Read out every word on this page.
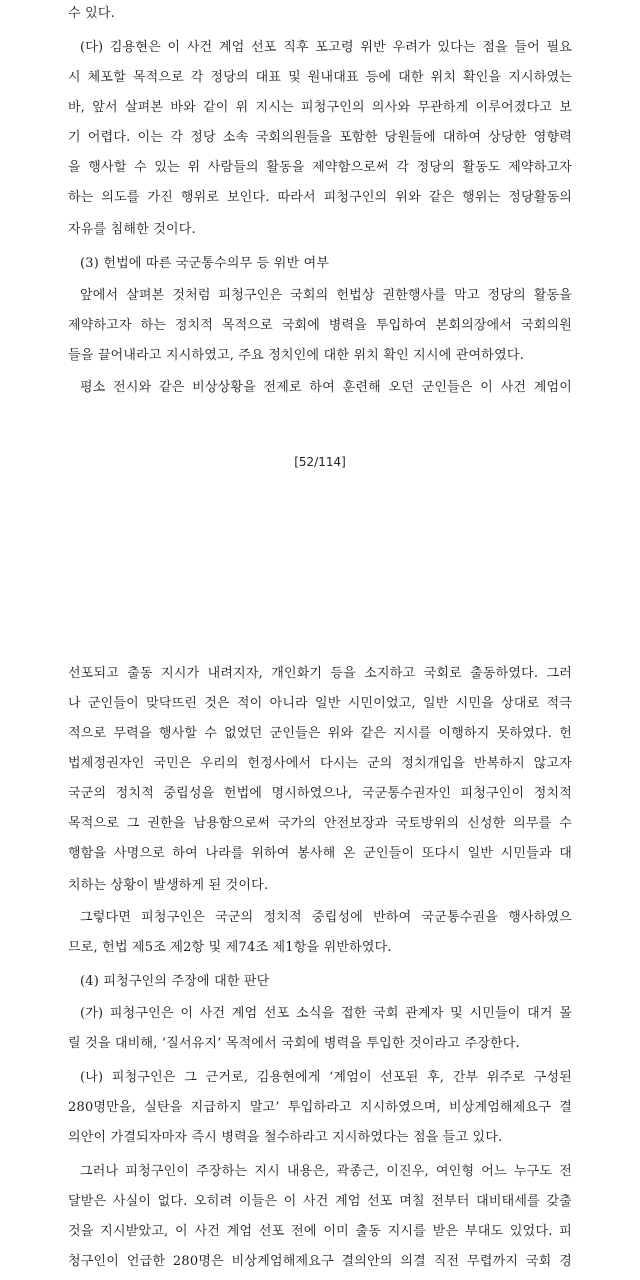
수 있다.
(다) 김용현은 이 사건 계엄 선포 직후 포고령 위반 우려가 있다는 점을 들어 필요
시 체포할 목적으로 각 정당의 대표 및 원내대표 등에 대한 위치 확인을 지시하였는
바, 앞서 살펴본 바와 같이 위 지시는 피청구인의 의사와 무관하게 이루어졌다고 보
기 어렵다. 이는 각 정당 소속 국회의원들을 포함한 당원들에 대하여 상당한 영향력
을 행사할 수 있는 위 사람들의 활동을 제약함으로써 각 정당의 활동도 제약하고자
하는 의도를 가진 행위로 보인다. 따라서 피청구인의 위와 같은 행위는 정당활동의
자유를 침해한 것이다.
(3) 헌법에 따른 국군통수의무 등 위반 여부
앞에서 살펴본 것처럼 피청구인은 국회의 헌법상 권한행사를 막고 정당의 활동을
제약하고자 하는 정치적 목적으로 국회에 병력을 투입하여 본회의장에서 국회의원
들을 끌어내라고 지시하였고, 주요 정치인에 대한 위치 확인 지시에 관여하였다.
평소 전시와 같은 비상상황을 전제로 하여 훈련해 오던 군인들은 이 사건 계엄이
[52/114]
선포되고 출동 지시가 내려지자, 개인화기 등을 소지하고 국회로 출동하였다. 그러
나 군인들이 맞닥뜨린 것은 적이 아니라 일반 시민이었고, 일반 시민을 상대로 적극
적으로 무력을 행사할 수 없었던 군인들은 위와 같은 지시를 이행하지 못하였다. 헌
법제정권자인 국민은 우리의 헌정사에서 다시는 군의 정치개입을 반복하지 않고자
국군의 정치적 중립성을 헌법에 명시하였으나, 국군통수권자인 피청구인이 정치적
목적으로 그 권한을 남용함으로써 국가의 안전보장과 국토방위의 신성한 의무를 수
행함을 사명으로 하여 나라를 위하여 봉사해 온 군인들이 또다시 일반 시민들과 대
치하는 상황이 발생하게 된 것이다.
그렇다면 피청구인은 국군의 정치적 중립성에 반하여 국군통수권을 행사하였으
므로, 헌법 제5조 제2항 및 제74조 제1항을 위반하였다.
(4) 피청구인의 주장에 대한 판단
(가) 피청구인은 이 사건 계엄 선포 소식을 접한 국회 관계자 및 시민들이 대거 몰
릴 것을 대비해, ‘질서유지’ 목적에서 국회에 병력을 투입한 것이라고 주장한다.
(나) 피청구인은 그 근거로, 김용현에게 ‘계엄이 선포된 후, 간부 위주로 구성된
280명만을, 실탄을 지급하지 말고’ 투입하라고 지시하였으며, 비상계엄해제요구 결
의안이 가결되자마자 즉시 병력을 철수하라고 지시하였다는 점을 들고 있다.
그러나 피청구인이 주장하는 지시 내용은, 곽종근, 이진우, 여인형 어느 누구도 전
달받은 사실이 없다. 오히려 이들은 이 사건 계엄 선포 며칠 전부터 대비태세를 갖출
것을 지시받았고, 이 사건 계엄 선포 전에 이미 출동 지시를 받은 부대도 있었다. 피
청구인이 언급한 280명은 비상계엄해제요구 결의안의 의결 직전 무렵까지 국회 경
